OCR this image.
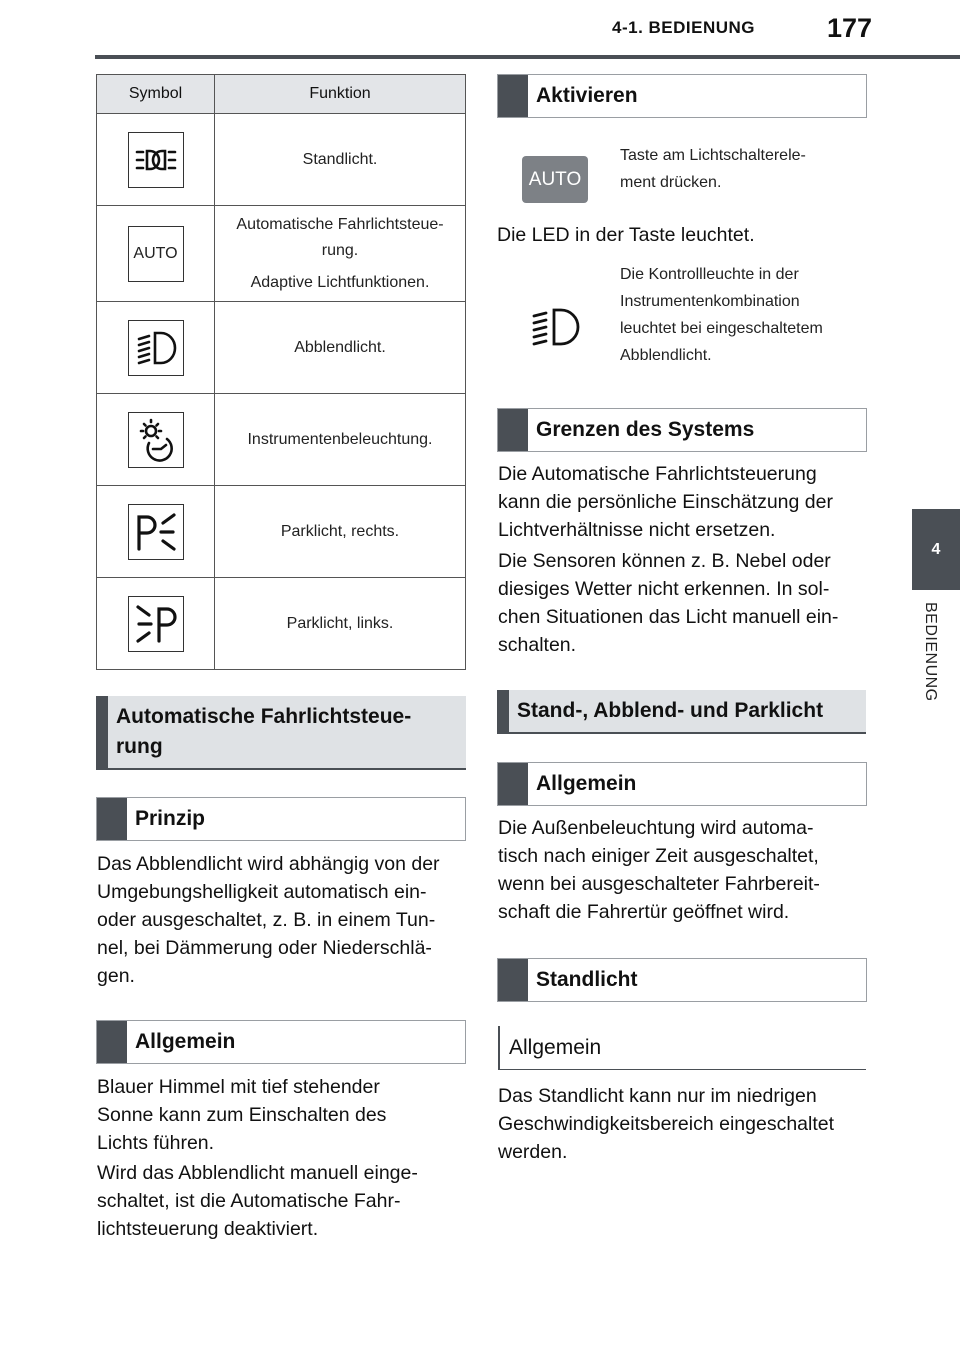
4-1. BEDIENUNG	177
4
BEDIENUNG
Symbol	Funktion

	Standlicht.

AUTO	Automatische Fahrlichtsteue-
rung.
Adaptive Lichtfunktionen.

	Abblendlicht.

	Instrumentenbeleuchtung.

	Parklicht, rechts.

	Parklicht, links.
Automatische Fahrlichtsteue-
rung
Prinzip
Das Abblendlicht wird abhängig von der
Umgebungshelligkeit automatisch ein-
oder ausgeschaltet, z. B. in einem Tun-
nel, bei Dämmerung oder Niederschlä-
gen.
Allgemein
Blauer Himmel mit tief stehender
Sonne kann zum Einschalten des
Lichts führen.
Wird das Abblendlicht manuell einge-
schaltet, ist die Automatische Fahr-
lichtsteuerung deaktiviert.
Aktivieren
AUTO
Taste am Lichtschalterele-
ment drücken.
Die LED in der Taste leuchtet.
Die Kontrollleuchte in der
Instrumentenkombination
leuchtet bei eingeschaltetem
Abblendlicht.
Grenzen des Systems
Die Automatische Fahrlichtsteuerung
kann die persönliche Einschätzung der
Lichtverhältnisse nicht ersetzen.
Die Sensoren können z. B. Nebel oder
diesiges Wetter nicht erkennen. In sol-
chen Situationen das Licht manuell ein-
schalten.
Stand-, Abblend- und Parklicht
Allgemein
Die Außenbeleuchtung wird automa-
tisch nach einiger Zeit ausgeschaltet,
wenn bei ausgeschalteter Fahrbereit-
schaft die Fahrertür geöffnet wird.
Standlicht
Allgemein
Das Standlicht kann nur im niedrigen
Geschwindigkeitsbereich eingeschaltet
werden.
